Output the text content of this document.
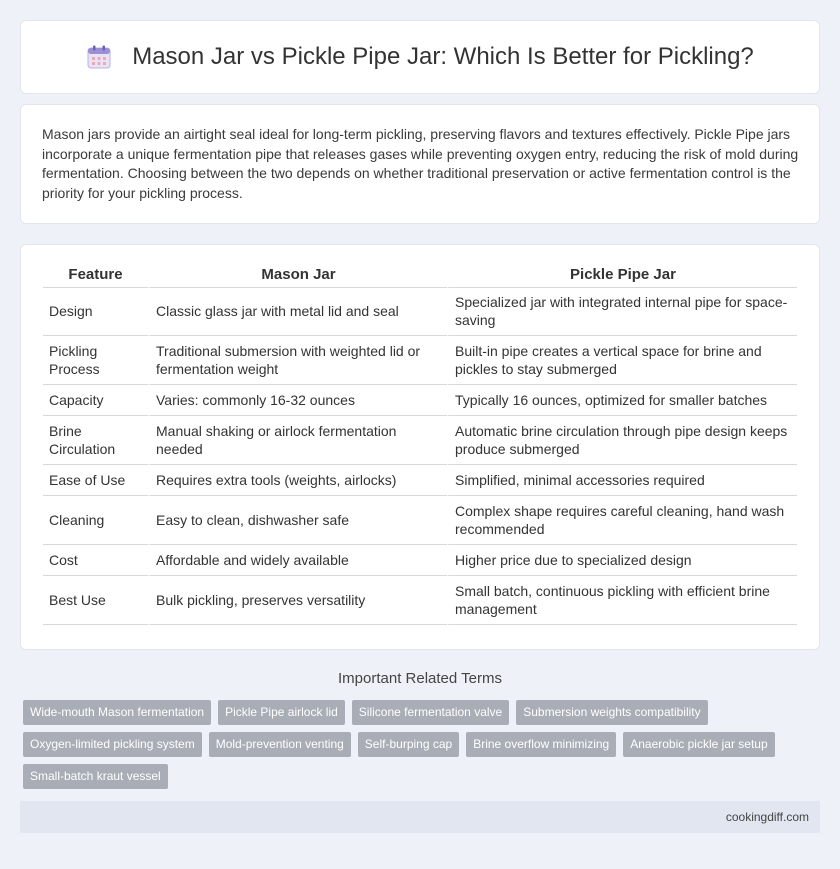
Mason Jar vs Pickle Pipe Jar: Which Is Better for Pickling?

Mason jars provide an airtight seal ideal for long-term pickling, preserving flavors and textures effectively. Pickle Pipe jars incorporate a unique fermentation pipe that releases gases while preventing oxygen entry, reducing the risk of mold during fermentation. Choosing between the two depends on whether traditional preservation or active fermentation control is the priority for your pickling process.

Feature	Mason Jar	Pickle Pipe Jar
Design	Classic glass jar with metal lid and seal	Specialized jar with integrated internal pipe for space-saving
Pickling Process	Traditional submersion with weighted lid or fermentation weight	Built-in pipe creates a vertical space for brine and pickles to stay submerged
Capacity	Varies: commonly 16-32 ounces	Typically 16 ounces, optimized for smaller batches
Brine Circulation	Manual shaking or airlock fermentation needed	Automatic brine circulation through pipe design keeps produce submerged
Ease of Use	Requires extra tools (weights, airlocks)	Simplified, minimal accessories required
Cleaning	Easy to clean, dishwasher safe	Complex shape requires careful cleaning, hand wash recommended
Cost	Affordable and widely available	Higher price due to specialized design
Best Use	Bulk pickling, preserves versatility	Small batch, continuous pickling with efficient brine management
Important Related Terms
Wide-mouth Mason fermentation	Pickle Pipe airlock lid	Silicone fermentation valve	Submersion weights compatibility
Oxygen-limited pickling system	Mold-prevention venting	Self-burping cap	Brine overflow minimizing	Anaerobic pickle jar setup
Small-batch kraut vessel
cookingdiff.com
